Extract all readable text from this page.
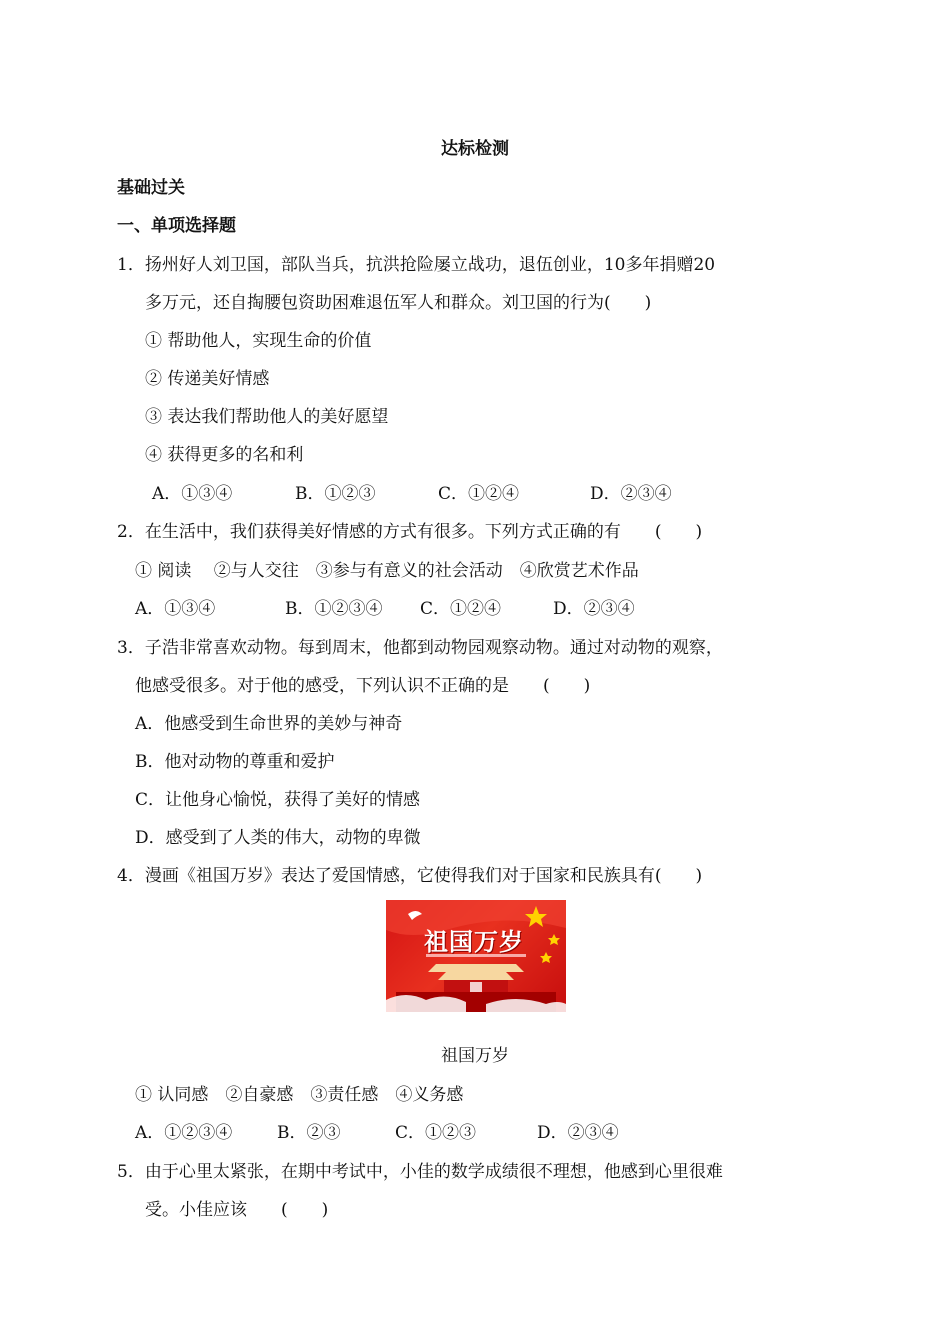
达标检测
基础过关
一、单项选择题
1．扬州好人刘卫国，部队当兵，抗洪抢险屡立战功，退伍创业，10多年捐赠20
多万元，还自掏腰包资助困难退伍军人和群众。刘卫国的行为(　　)
① 帮助他人，实现生命的价值
② 传递美好情感
③ 表达我们帮助他人的美好愿望
④ 获得更多的名和利
A．①③④	B．①②③	C．①②④	D．②③④
2．在生活中，我们获得美好情感的方式有很多。下列方式正确的有　　(　　)
① 阅读　 ②与人交往　③参与有意义的社会活动　④欣赏艺术作品
A．①③④	B．①②③④ C．①②④	D．②③④
3．子浩非常喜欢动物。每到周末，他都到动物园观察动物。通过对动物的观察，
他感受很多。对于他的感受，下列认识不正确的是　　(　　)
A．他感受到生命世界的美妙与神奇
B．他对动物的尊重和爱护
C．让他身心愉悦，获得了美好的情感
D．感受到了人类的伟大，动物的卑微
4．漫画《祖国万岁》表达了爱国情感，它使得我们对于国家和民族具有(　　)
祖国万岁
祖国万岁
① 认同感　②自豪感　③责任感　④义务感
A．①②③④	B．②③	C．①②③	D．②③④
5．由于心里太紧张，在期中考试中，小佳的数学成绩很不理想，他感到心里很难
受。小佳应该　　(　　)
